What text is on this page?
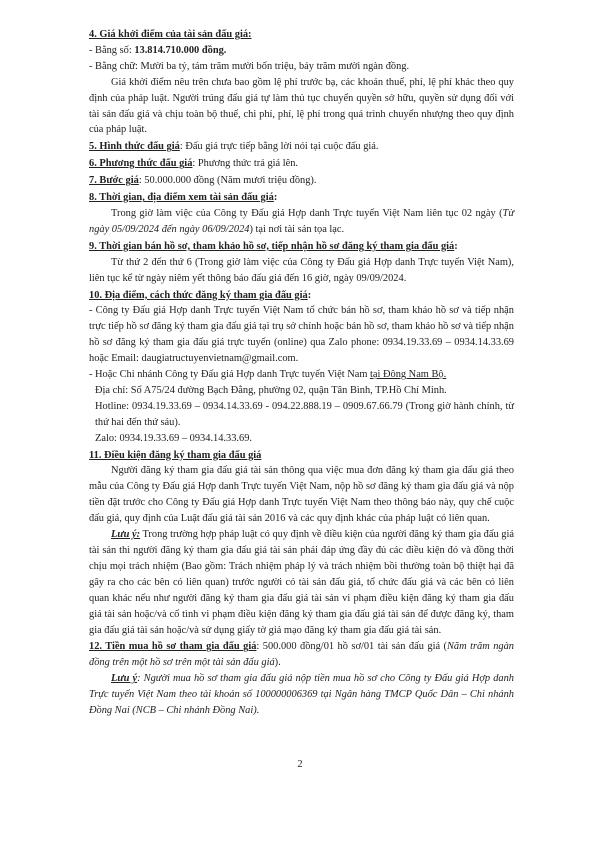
4. Giá khởi điểm của tài sản đấu giá:

- Bằng số: 13.814.710.000 đồng.

- Bằng chữ: Mười ba tỷ, tám trăm mười bốn triệu, bảy trăm mười ngàn đồng.

Giá khởi điểm nêu trên chưa bao gồm lệ phí trước bạ, các khoản thuế, phí, lệ phí khác theo quy định của pháp luật. Người trúng đấu giá tự làm thủ tục chuyển quyền sở hữu, quyền sử dụng đối với tài sản đấu giá và chịu toàn bộ thuế, chi phí, phí, lệ phí trong quá trình chuyển nhượng theo quy định của pháp luật.

5. Hình thức đấu giá: Đấu giá trực tiếp bằng lời nói tại cuộc đấu giá.

6. Phương thức đấu giá: Phương thức trả giá lên.

7. Bước giá: 50.000.000 đồng (Năm mươi triệu đồng).

8. Thời gian, địa điểm xem tài sản đấu giá:

Trong giờ làm việc của Công ty Đấu giá Hợp danh Trực tuyến Việt Nam liên tục 02 ngày (Từ ngày 05/09/2024 đến ngày 06/09/2024) tại nơi tài sản tọa lạc.

9. Thời gian bán hồ sơ, tham khảo hồ sơ, tiếp nhận hồ sơ đăng ký tham gia đấu giá:

Từ thứ 2 đến thứ 6 (Trong giờ làm việc của Công ty Đấu giá Hợp danh Trực tuyến Việt Nam), liên tục kể từ ngày niêm yết thông báo đấu giá đến 16 giờ, ngày 09/09/2024.

10. Địa điểm, cách thức đăng ký tham gia đấu giá:

- Công ty Đấu giá Hợp danh Trực tuyến Việt Nam tổ chức bán hồ sơ, tham khảo hồ sơ và tiếp nhận trực tiếp hồ sơ đăng ký tham gia đấu giá tại trụ sở chính hoặc bán hồ sơ, tham khảo hồ sơ và tiếp nhận hồ sơ đăng ký tham gia đấu giá trực tuyến (online) qua Zalo phone: 0934.19.33.69 – 0934.14.33.69 hoặc Email: daugiatructuyenvietnam@gmail.com.

- Hoặc Chi nhánh Công ty Đấu giá Hợp danh Trực tuyến Việt Nam tại Đông Nam Bộ.

Địa chỉ: Số A75/24 đường Bạch Đằng, phường 02, quận Tân Bình, TP.Hồ Chí Minh.

Hotline: 0934.19.33.69 – 0934.14.33.69 - 094.22.888.19 – 0909.67.66.79 (Trong giờ hành chính, từ thứ hai đến thứ sáu).

Zalo: 0934.19.33.69 – 0934.14.33.69.

11. Điều kiện đăng ký tham gia đấu giá

Người đăng ký tham gia đấu giá tài sản thông qua việc mua đơn đăng ký tham gia đấu giá theo mẫu của Công ty Đấu giá Hợp danh Trực tuyến Việt Nam, nộp hồ sơ đăng ký tham gia đấu giá và nộp tiền đặt trước cho Công ty Đấu giá Hợp danh Trực tuyến Việt Nam theo thông báo này, quy chế cuộc đấu giá, quy định của Luật đấu giá tài sản 2016 và các quy định khác của pháp luật có liên quan.

Lưu ý: Trong trường hợp pháp luật có quy định về điều kiện của người đăng ký tham gia đấu giá tài sản thì người đăng ký tham gia đấu giá tài sản phải đáp ứng đầy đủ các điều kiện đó và đồng thời chịu mọi trách nhiệm (Bao gồm: Trách nhiệm pháp lý và trách nhiệm bồi thường toàn bộ thiệt hại đã gây ra cho các bên có liên quan) trước người có tài sản đấu giá, tổ chức đấu giá và các bên có liên quan khác nếu như người đăng ký tham gia đấu giá tài sản vi phạm điều kiện đăng ký tham gia đấu giá tài sản hoặc/và cố tình vi phạm điều kiện đăng ký tham gia đấu giá tài sản để được đăng ký, tham gia đấu giá tài sản hoặc/và sử dụng giấy tờ giả mạo đăng ký tham gia đấu giá tài sản.

12. Tiền mua hồ sơ tham gia đấu giá: 500.000 đồng/01 hồ sơ/01 tài sản đấu giá (Năm trăm ngàn đồng trên một hồ sơ trên một tài sản đấu giá).

Lưu ý: Người mua hồ sơ tham gia đấu giá nộp tiền mua hồ sơ cho Công ty Đấu giá Hợp danh Trực tuyến Việt Nam theo tài khoản số 100000006369 tại Ngân hàng TMCP Quốc Dân – Chi nhánh Đồng Nai (NCB – Chi nhánh Đồng Nai).

2
